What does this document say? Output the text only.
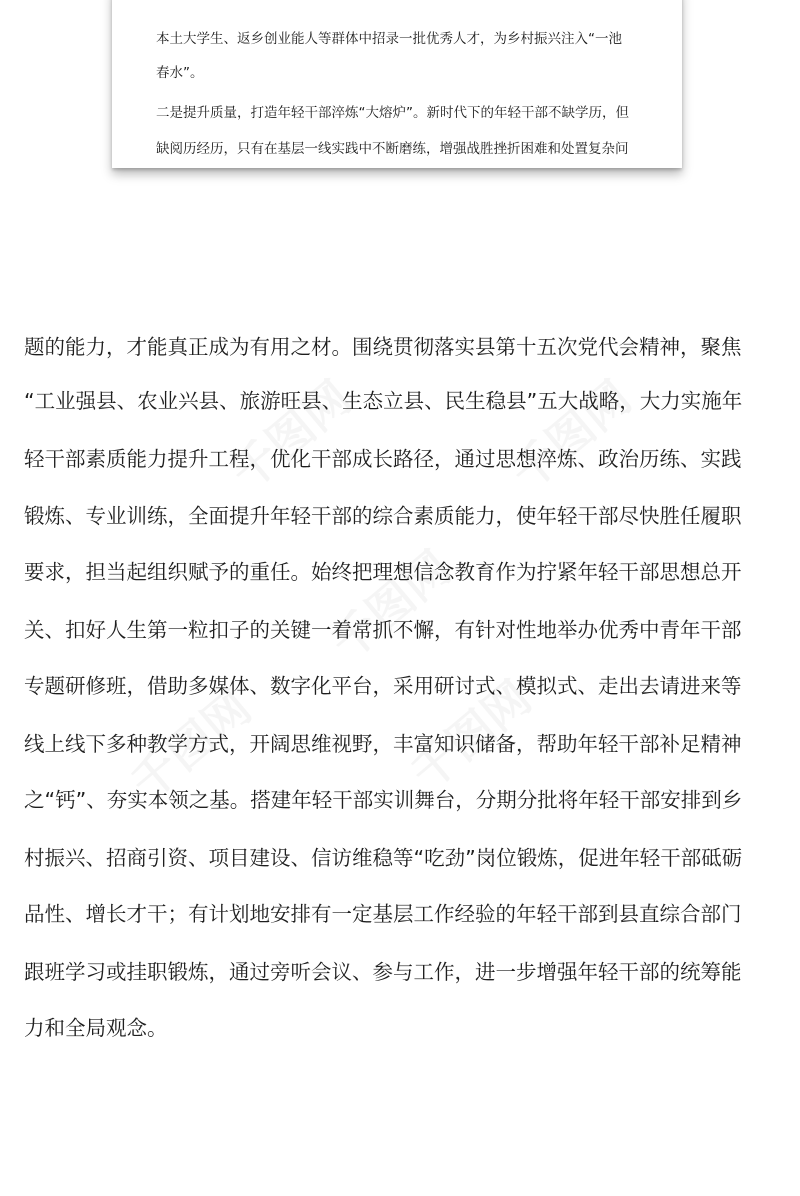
千图网	千图网
千图网	千图网
千图网
本土大学生、返乡创业能人等群体中招录一批优秀人才，为乡村振兴注入“一池
春水”。
二是提升质量，打造年轻干部淬炼“大熔炉”。新时代下的年轻干部不缺学历，但
缺阅历经历，只有在基层一线实践中不断磨练，增强战胜挫折困难和处置复杂问
题的能力，才能真正成为有用之材。围绕贯彻落实县第十五次党代会精神，聚焦
“工业强县、农业兴县、旅游旺县、生态立县、民生稳县”五大战略，大力实施年
轻干部素质能力提升工程，优化干部成长路径，通过思想淬炼、政治历练、实践
锻炼、专业训练，全面提升年轻干部的综合素质能力，使年轻干部尽快胜任履职
要求，担当起组织赋予的重任。始终把理想信念教育作为拧紧年轻干部思想总开
关、扣好人生第一粒扣子的关键一着常抓不懈，有针对性地举办优秀中青年干部
专题研修班，借助多媒体、数字化平台，采用研讨式、模拟式、走出去请进来等
线上线下多种教学方式，开阔思维视野，丰富知识储备，帮助年轻干部补足精神
之“钙”、夯实本领之基。搭建年轻干部实训舞台，分期分批将年轻干部安排到乡
村振兴、招商引资、项目建设、信访维稳等“吃劲”岗位锻炼，促进年轻干部砥砺
品性、增长才干；有计划地安排有一定基层工作经验的年轻干部到县直综合部门
跟班学习或挂职锻炼，通过旁听会议、参与工作，进一步增强年轻干部的统筹能
力和全局观念。
